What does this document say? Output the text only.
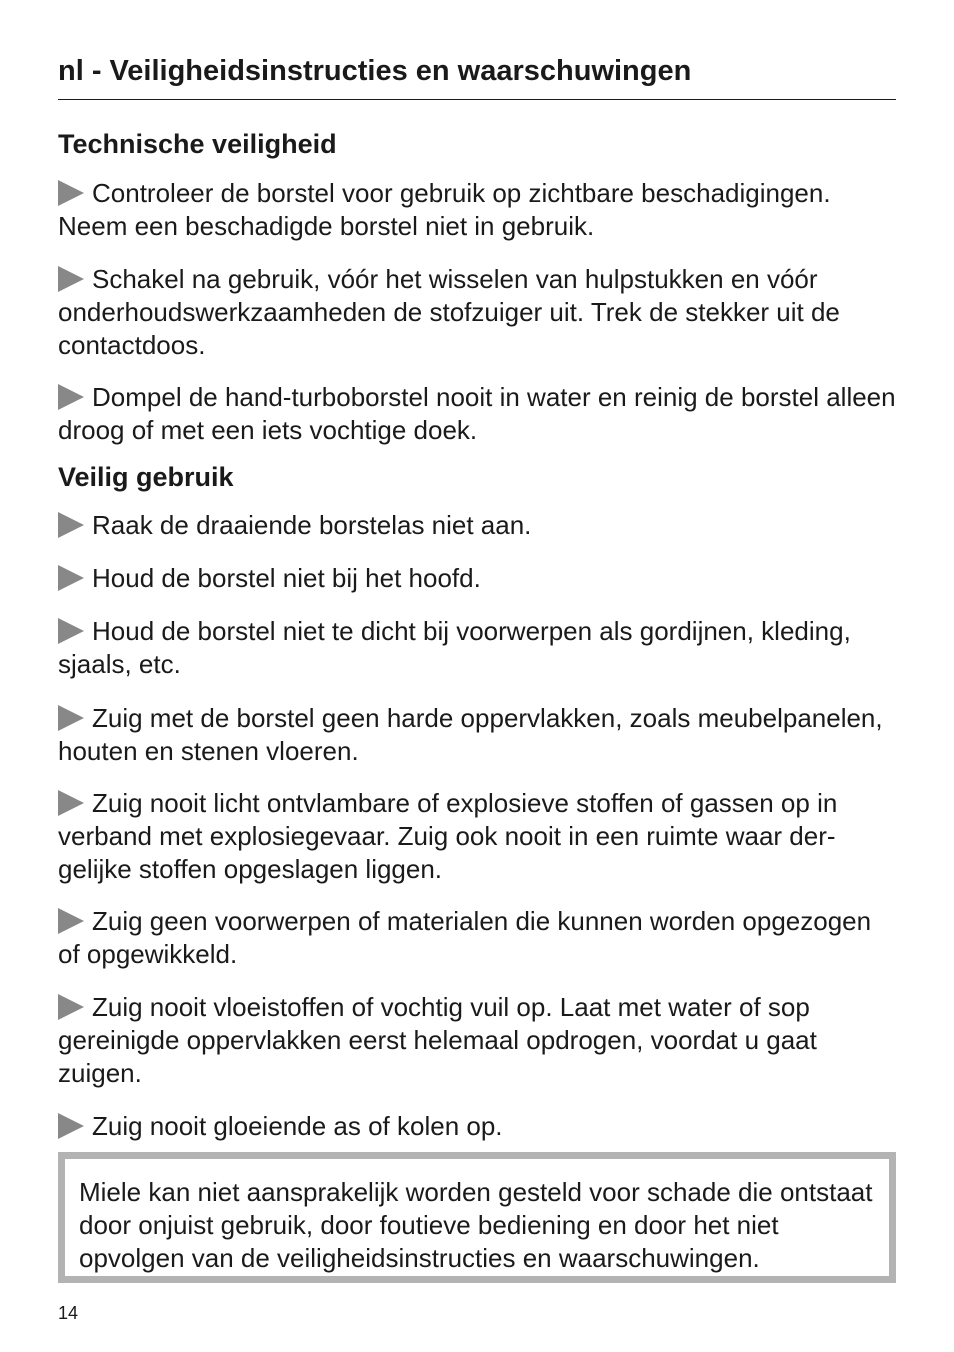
nl - Veiligheidsinstructies en waarschuwingen
Technische veiligheid

Controleer de borstel voor gebruik op zichtbare beschadigingen. Neem een beschadigde borstel niet in gebruik.

Schakel na gebruik, vóór het wisselen van hulpstukken en vóór onderhoudswerkzaamheden de stofzuiger uit. Trek de stekker uit de contactdoos.

Dompel de hand-turboborstel nooit in water en reinig de borstel alleen droog of met een iets vochtige doek.

Veilig gebruik

Raak de draaiende borstelas niet aan.

Houd de borstel niet bij het hoofd.

Houd de borstel niet te dicht bij voorwerpen als gordijnen, kleding, sjaals, etc.

Zuig met de borstel geen harde oppervlakken, zoals meubelpanelen, houten en stenen vloeren.

Zuig nooit licht ontvlambare of explosieve stoffen of gassen op in verband met explosiegevaar. Zuig ook nooit in een ruimte waar dergelijke stoffen opgeslagen liggen.

Zuig geen voorwerpen of materialen die kunnen worden opgezogen of opgewikkeld.

Zuig nooit vloeistoffen of vochtig vuil op. Laat met water of sop gereinigde oppervlakken eerst helemaal opdrogen, voordat u gaat zuigen.

Zuig nooit gloeiende as of kolen op.

Miele kan niet aansprakelijk worden gesteld voor schade die ontstaat door onjuist gebruik, door foutieve bediening en door het niet opvolgen van de veiligheidsinstructies en waarschuwingen.

14
